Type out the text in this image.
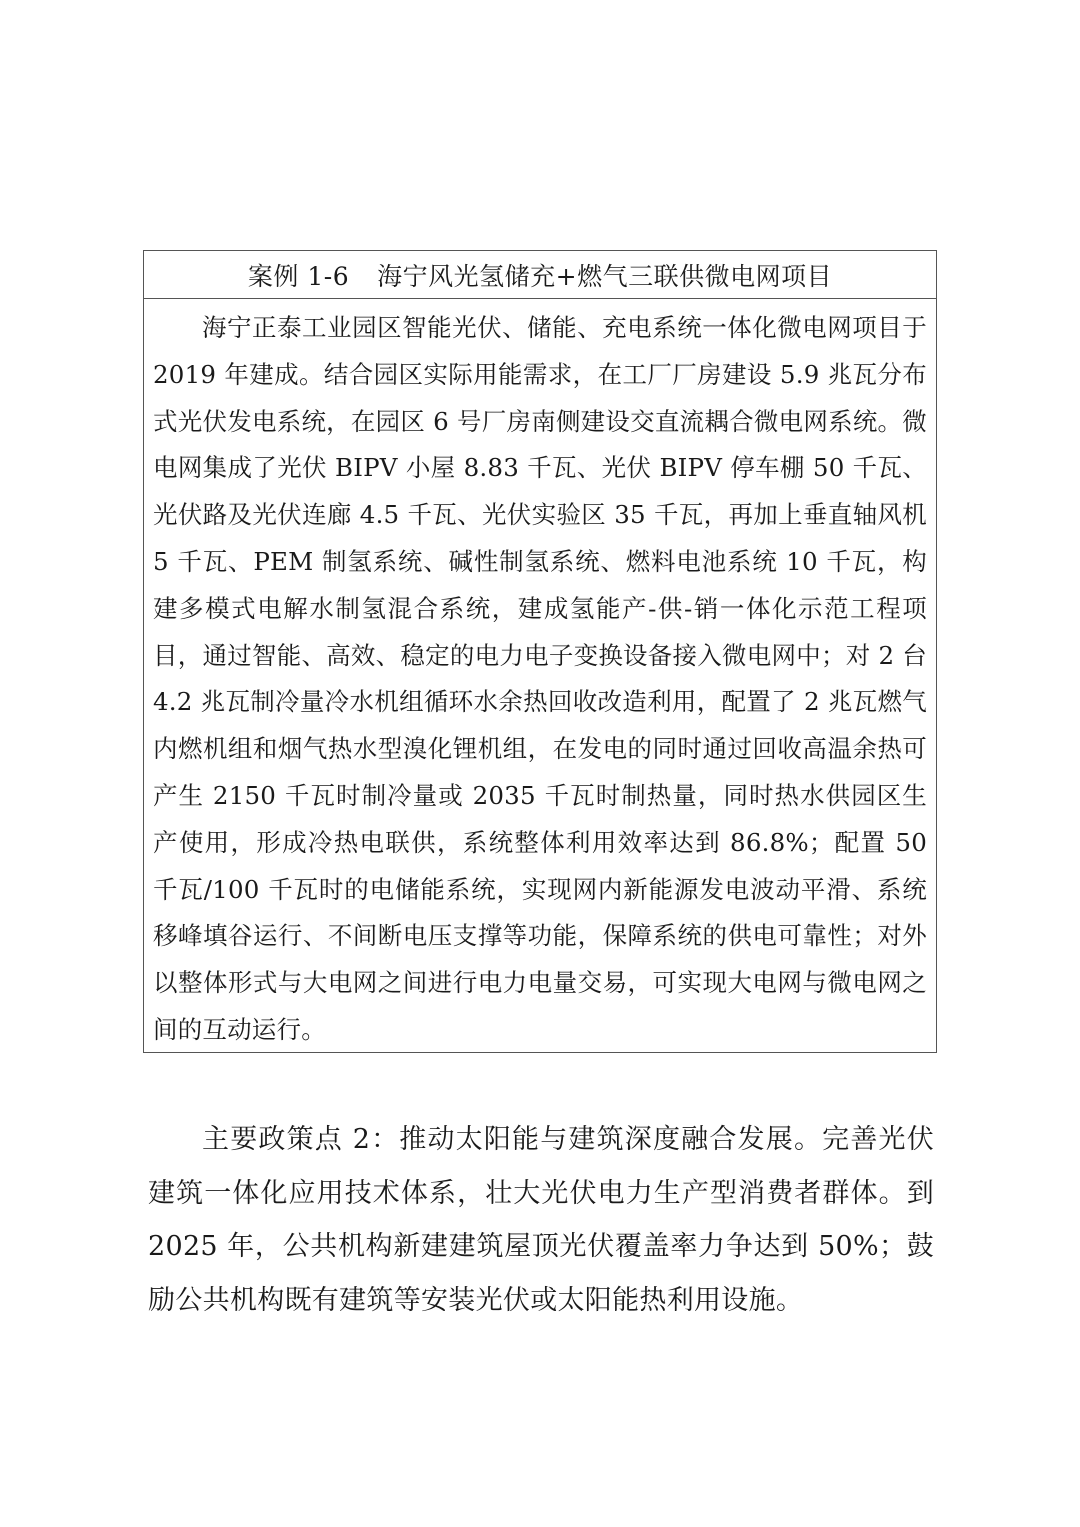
案例 1-6 海宁风光氢储充+燃气三联供微电网项目
海宁正泰工业园区智能光伏、储能、充电系统一体化微电网项目于 2019 年建成。结合园区实际用能需求，在工厂厂房建设 5.9 兆瓦分布式光伏发电系统，在园区 6 号厂房南侧建设交直流耦合微电网系统。微电网集成了光伏 BIPV 小屋 8.83 千瓦、光伏 BIPV 停车棚 50 千瓦、光伏路及光伏连廊 4.5 千瓦、光伏实验区 35 千瓦，再加上垂直轴风机 5 千瓦、PEM 制氢系统、碱性制氢系统、燃料电池系统 10 千瓦，构建多模式电解水制氢混合系统，建成氢能产-供-销一体化示范工程项目，通过智能、高效、稳定的电力电子变换设备接入微电网中；对 2 台 4.2 兆瓦制冷量冷水机组循环水余热回收改造利用，配置了 2 兆瓦燃气内燃机组和烟气热水型溴化锂机组，在发电的同时通过回收高温余热可产生 2150 千瓦时制冷量或 2035 千瓦时制热量，同时热水供园区生产使用，形成冷热电联供，系统整体利用效率达到 86.8%；配置 50 千瓦/100 千瓦时的电储能系统，实现网内新能源发电波动平滑、系统移峰填谷运行、不间断电压支撑等功能，保障系统的供电可靠性；对外以整体形式与大电网之间进行电力电量交易，可实现大电网与微电网之间的互动运行。
主要政策点 2：推动太阳能与建筑深度融合发展。完善光伏建筑一体化应用技术体系，壮大光伏电力生产型消费者群体。到 2025 年，公共机构新建建筑屋顶光伏覆盖率力争达到 50%；鼓励公共机构既有建筑等安装光伏或太阳能热利用设施。
